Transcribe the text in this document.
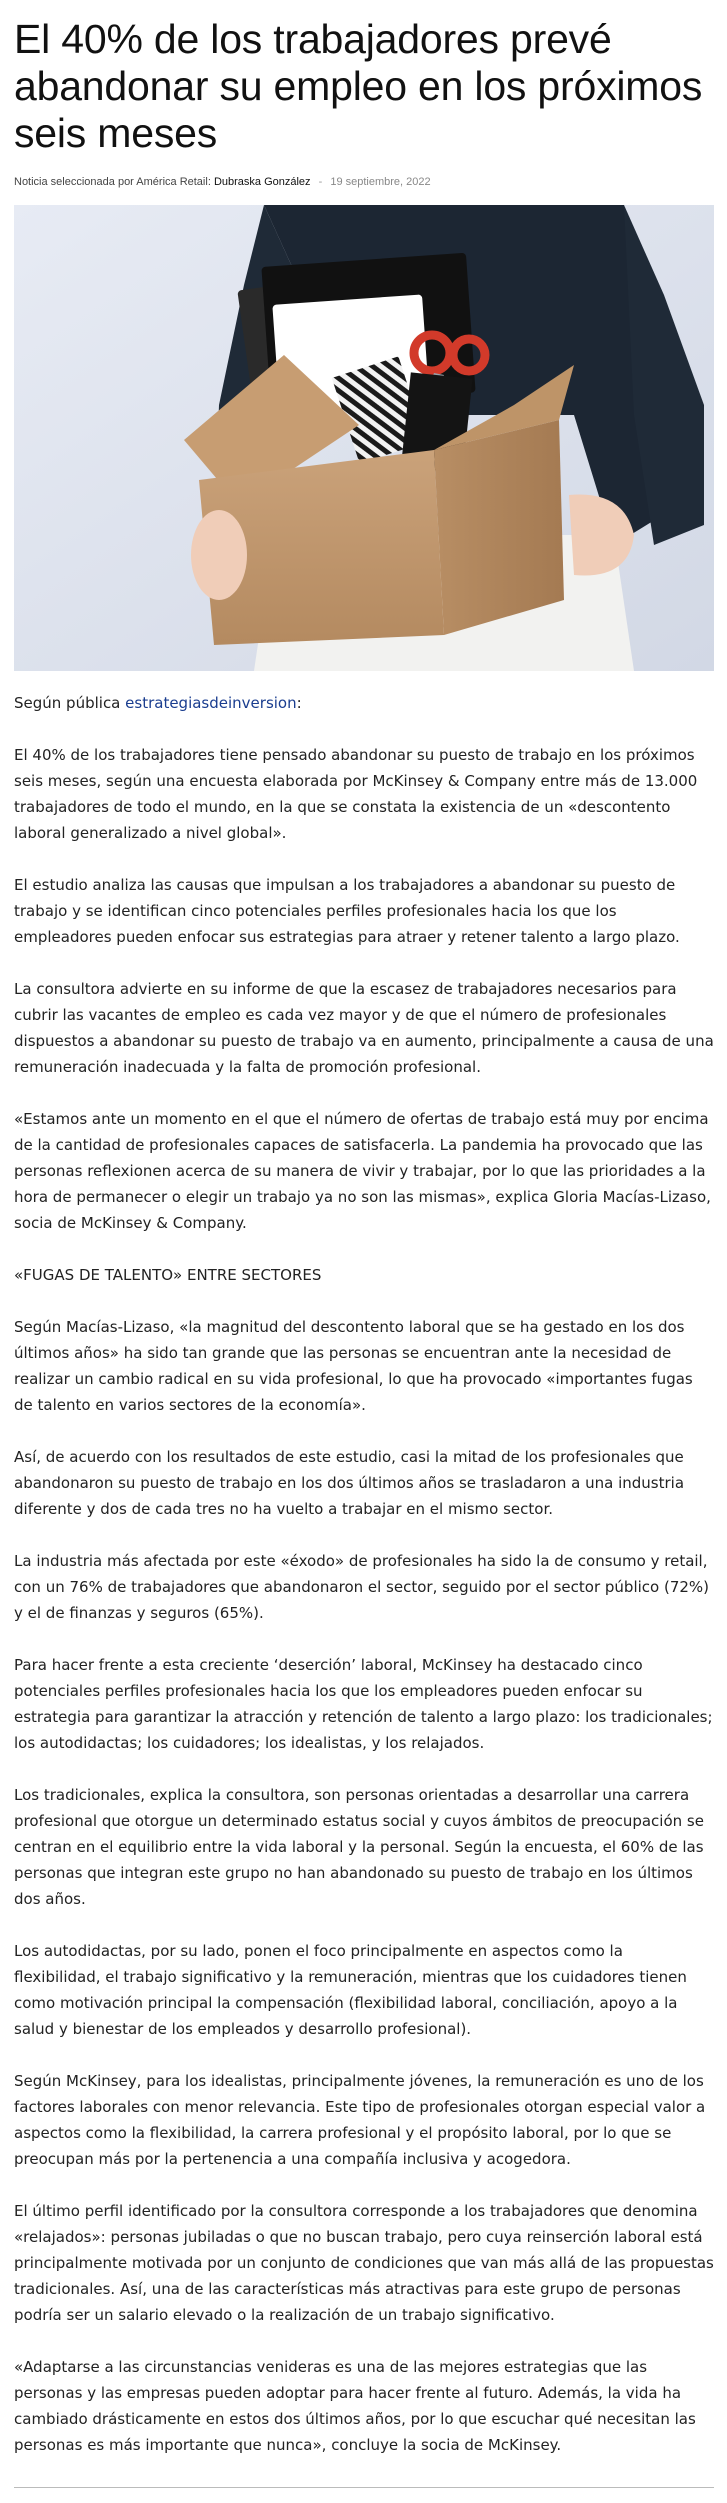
El 40% de los trabajadores prevé abandonar su empleo en los próximos seis meses
Noticia seleccionada por América Retail: Dubraska González - 19 septiembre, 2022

Según pública estrategiasdeinversion:

El 40% de los trabajadores tiene pensado abandonar su puesto de trabajo en los próximos seis meses, según una encuesta elaborada por McKinsey & Company entre más de 13.000 trabajadores de todo el mundo, en la que se constata la existencia de un «descontento laboral generalizado a nivel global».

El estudio analiza las causas que impulsan a los trabajadores a abandonar su puesto de trabajo y se identifican cinco potenciales perfiles profesionales hacia los que los empleadores pueden enfocar sus estrategias para atraer y retener talento a largo plazo.

La consultora advierte en su informe de que la escasez de trabajadores necesarios para cubrir las vacantes de empleo es cada vez mayor y de que el número de profesionales dispuestos a abandonar su puesto de trabajo va en aumento, principalmente a causa de una remuneración inadecuada y la falta de promoción profesional.

«Estamos ante un momento en el que el número de ofertas de trabajo está muy por encima de la cantidad de profesionales capaces de satisfacerla. La pandemia ha provocado que las personas reflexionen acerca de su manera de vivir y trabajar, por lo que las prioridades a la hora de permanecer o elegir un trabajo ya no son las mismas», explica Gloria Macías-Lizaso, socia de McKinsey & Company.

«FUGAS DE TALENTO» ENTRE SECTORES

Según Macías-Lizaso, «la magnitud del descontento laboral que se ha gestado en los dos últimos años» ha sido tan grande que las personas se encuentran ante la necesidad de realizar un cambio radical en su vida profesional, lo que ha provocado «importantes fugas de talento en varios sectores de la economía».

Así, de acuerdo con los resultados de este estudio, casi la mitad de los profesionales que abandonaron su puesto de trabajo en los dos últimos años se trasladaron a una industria diferente y dos de cada tres no ha vuelto a trabajar en el mismo sector.

La industria más afectada por este «éxodo» de profesionales ha sido la de consumo y retail, con un 76% de trabajadores que abandonaron el sector, seguido por el sector público (72%) y el de finanzas y seguros (65%).

Para hacer frente a esta creciente ‘deserción’ laboral, McKinsey ha destacado cinco potenciales perfiles profesionales hacia los que los empleadores pueden enfocar su estrategia para garantizar la atracción y retención de talento a largo plazo: los tradicionales; los autodidactas; los cuidadores; los idealistas, y los relajados.

Los tradicionales, explica la consultora, son personas orientadas a desarrollar una carrera profesional que otorgue un determinado estatus social y cuyos ámbitos de preocupación se centran en el equilibrio entre la vida laboral y la personal. Según la encuesta, el 60% de las personas que integran este grupo no han abandonado su puesto de trabajo en los últimos dos años.

Los autodidactas, por su lado, ponen el foco principalmente en aspectos como la flexibilidad, el trabajo significativo y la remuneración, mientras que los cuidadores tienen como motivación principal la compensación (flexibilidad laboral, conciliación, apoyo a la salud y bienestar de los empleados y desarrollo profesional).

Según McKinsey, para los idealistas, principalmente jóvenes, la remuneración es uno de los factores laborales con menor relevancia. Este tipo de profesionales otorgan especial valor a aspectos como la flexibilidad, la carrera profesional y el propósito laboral, por lo que se preocupan más por la pertenencia a una compañía inclusiva y acogedora.

El último perfil identificado por la consultora corresponde a los trabajadores que denomina «relajados»: personas jubiladas o que no buscan trabajo, pero cuya reinserción laboral está principalmente motivada por un conjunto de condiciones que van más allá de las propuestas tradicionales. Así, una de las características más atractivas para este grupo de personas podría ser un salario elevado o la realización de un trabajo significativo.

«Adaptarse a las circunstancias venideras es una de las mejores estrategias que las personas y las empresas pueden adoptar para hacer frente al futuro. Además, la vida ha cambiado drásticamente en estos dos últimos años, por lo que escuchar qué necesitan las personas es más importante que nunca», concluye la socia de McKinsey.
